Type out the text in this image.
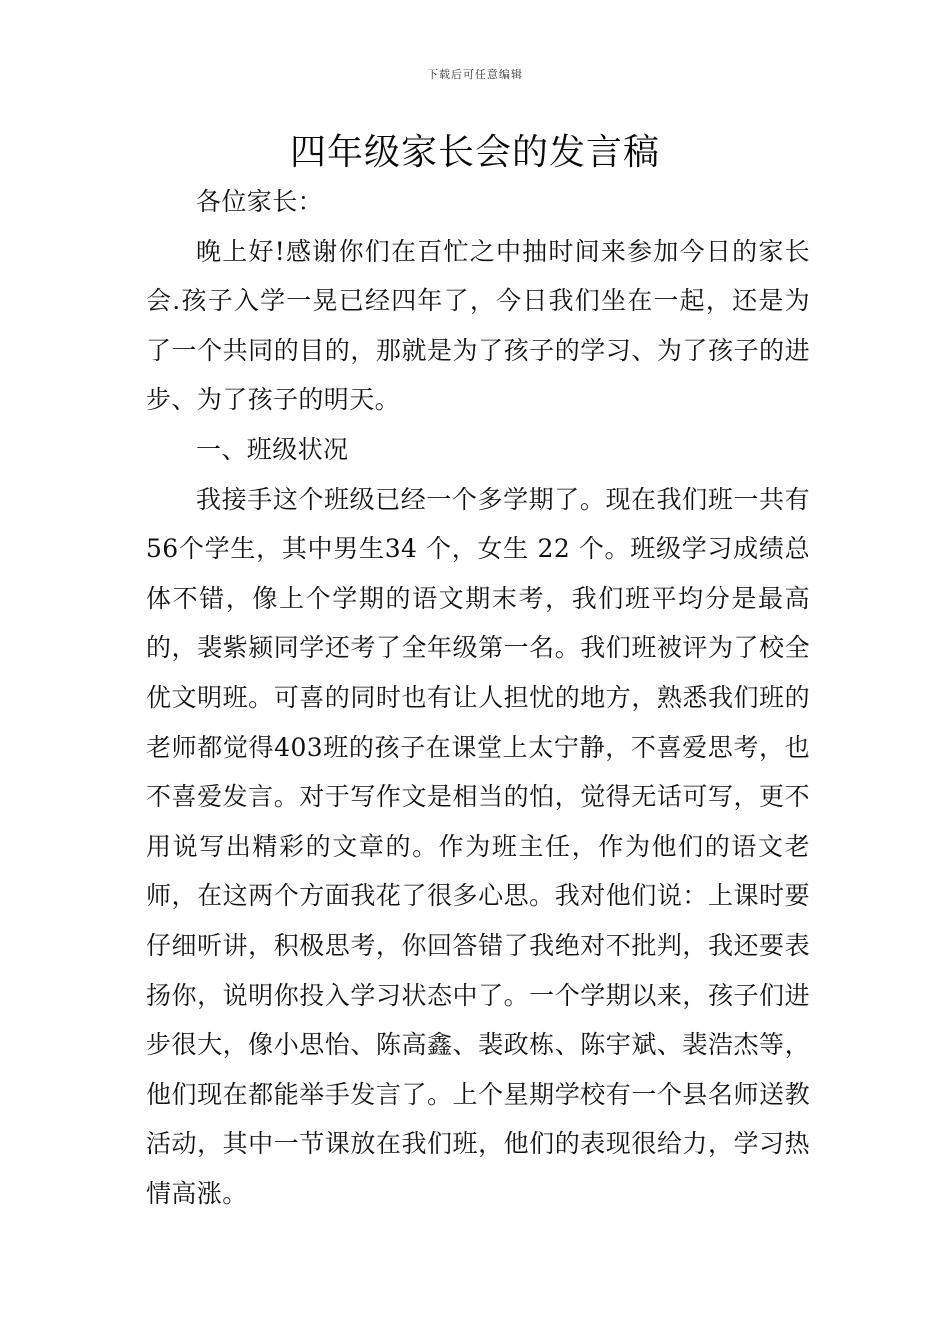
下载后可任意编辑
四年级家长会的发言稿

各位家长：

晚上好!感谢你们在百忙之中抽时间来参加今日的家长会.孩子入学一晃已经四年了，今日我们坐在一起，还是为了一个共同的目的，那就是为了孩子的学习、为了孩子的进步、为了孩子的明天。

一、班级状况

我接手这个班级已经一个多学期了。现在我们班一共有56个学生，其中男生34 个，女生 22 个。班级学习成绩总体不错，像上个学期的语文期末考，我们班平均分是最高的，裴紫颍同学还考了全年级第一名。我们班被评为了校全优文明班。可喜的同时也有让人担忧的地方，熟悉我们班的老师都觉得403班的孩子在课堂上太宁静，不喜爱思考，也不喜爱发言。对于写作文是相当的怕，觉得无话可写，更不用说写出精彩的文章的。作为班主任，作为他们的语文老师，在这两个方面我花了很多心思。我对他们说：上课时要仔细听讲，积极思考，你回答错了我绝对不批判，我还要表扬你，说明你投入学习状态中了。一个学期以来，孩子们进步很大，像小思怡、陈高鑫、裴政栋、陈宇斌、裴浩杰等，他们现在都能举手发言了。上个星期学校有一个县名师送教活动，其中一节课放在我们班，他们的表现很给力，学习热情高涨。
